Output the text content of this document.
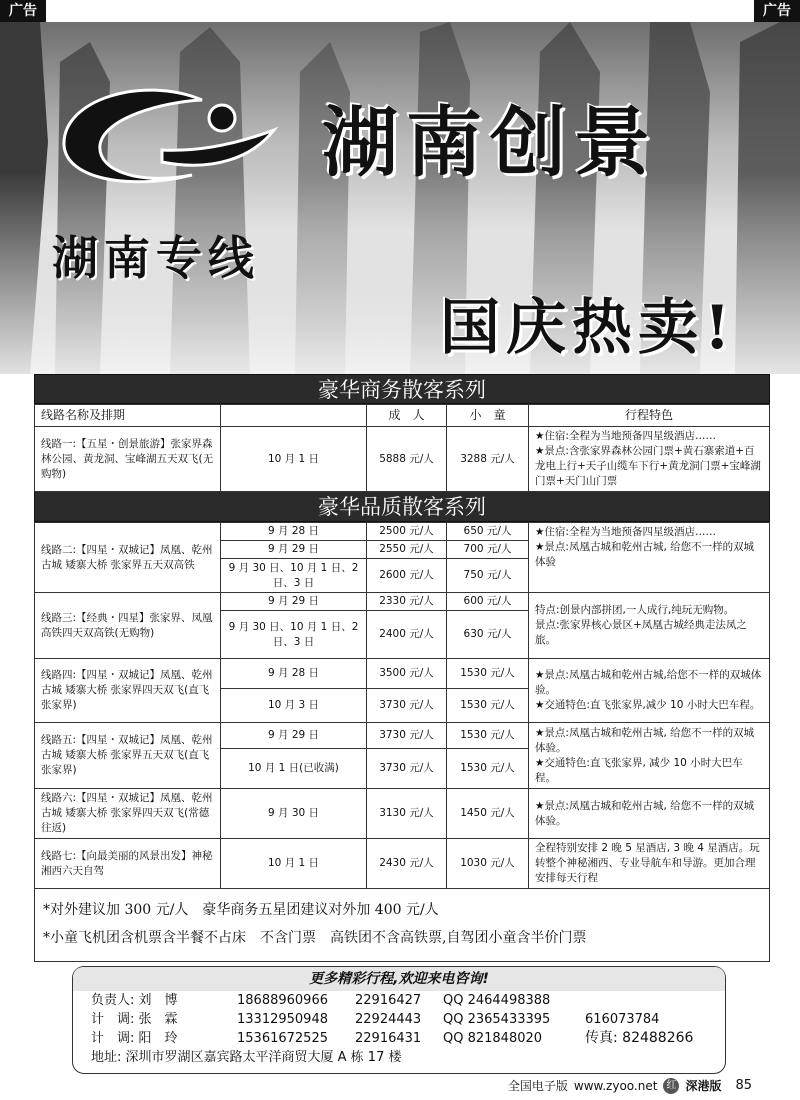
广告	广告
湖南创景
湖南专线
国庆热卖!
豪华商务散客系列
线路名称及排期		成　人	小　童	行程特色
线路一:【五星・创景旅游】张家界森林公园、黄龙洞、宝峰湖五天双飞(无购物)	10 月 1 日	5888 元/人	3288 元/人	★住宿:全程为当地预备四星级酒店……
★景点:含张家界森林公园门票+黄石寨索道+百龙电上行+天子山缆车下行+黄龙洞门票+宝峰湖门票+天门山门票
豪华品质散客系列
线路二:【四星・双城记】凤凰、乾州古城 矮寨大桥 张家界五天双高铁	9 月 28 日	2500 元/人	650 元/人	★住宿:全程为当地预备四星级酒店……
★景点:凤凰古城和乾州古城, 给您不一样的双城体验
	9 月 29 日	2550 元/人	700 元/人	
	9 月 30 日、10 月 1 日、2 日、3 日	2600 元/人	750 元/人	
线路三:【经典・四星】张家界、凤凰高铁四天双高铁(无购物)	9 月 29 日	2330 元/人	600 元/人	特点:创景内部拼团,一人成行,纯玩无购物。
景点:张家界核心景区+凤凰古城经典走法凤之旅。
	9 月 30 日、10 月 1 日、2 日、3 日	2400 元/人	630 元/人	
线路四:【四星・双城记】凤凰、乾州古城 矮寨大桥 张家界四天双飞(直飞张家界)	9 月 28 日	3500 元/人	1530 元/人	★景点:凤凰古城和乾州古城,给您不一样的双城体验。
★交通特色:直飞张家界,减少 10 小时大巴车程。
	10 月 3 日	3730 元/人	1530 元/人	
线路五:【四星・双城记】凤凰、乾州古城 矮寨大桥 张家界五天双飞(直飞张家界)	9 月 29 日	3730 元/人	1530 元/人	★景点:凤凰古城和乾州古城, 给您不一样的双城体验。
★交通特色:直飞张家界, 减少 10 小时大巴车程。
	10 月 1 日(已收满)	3730 元/人	1530 元/人	
线路六:【四星・双城记】凤凰、乾州古城 矮寨大桥 张家界四天双飞(常德往返)	9 月 30 日	3130 元/人	1450 元/人	★景点:凤凰古城和乾州古城, 给您不一样的双城体验。
线路七:【向最美丽的风景出发】神秘湘西六天自驾	10 月 1 日	2430 元/人	1030 元/人	全程特别安排 2 晚 5 星酒店, 3 晚 4 星酒店。玩转整个神秘湘西、专业导航车和导游。更加合理安排每天行程

*对外建议加 300 元/人　豪华商务五星团建议对外加 400 元/人

*小童飞机团含机票含半餐不占床　不含门票　高铁团不含高铁票,自驾团小童含半价门票

更多精彩行程,欢迎来电咨询!
负责人: 刘　博	18688960966 22916427 QQ 2464498388
计　调: 张　霖	13312950948 22924443 QQ 2365433395	616073784
计　调: 阳　玲	15361672525 22916431 QQ 821848020	传真: 82488266
地址: 深圳市罗湖区嘉宾路太平洋商贸大厦 A 栋 17 楼
全国电子版 www.zyoo.net 红 深港版 85
